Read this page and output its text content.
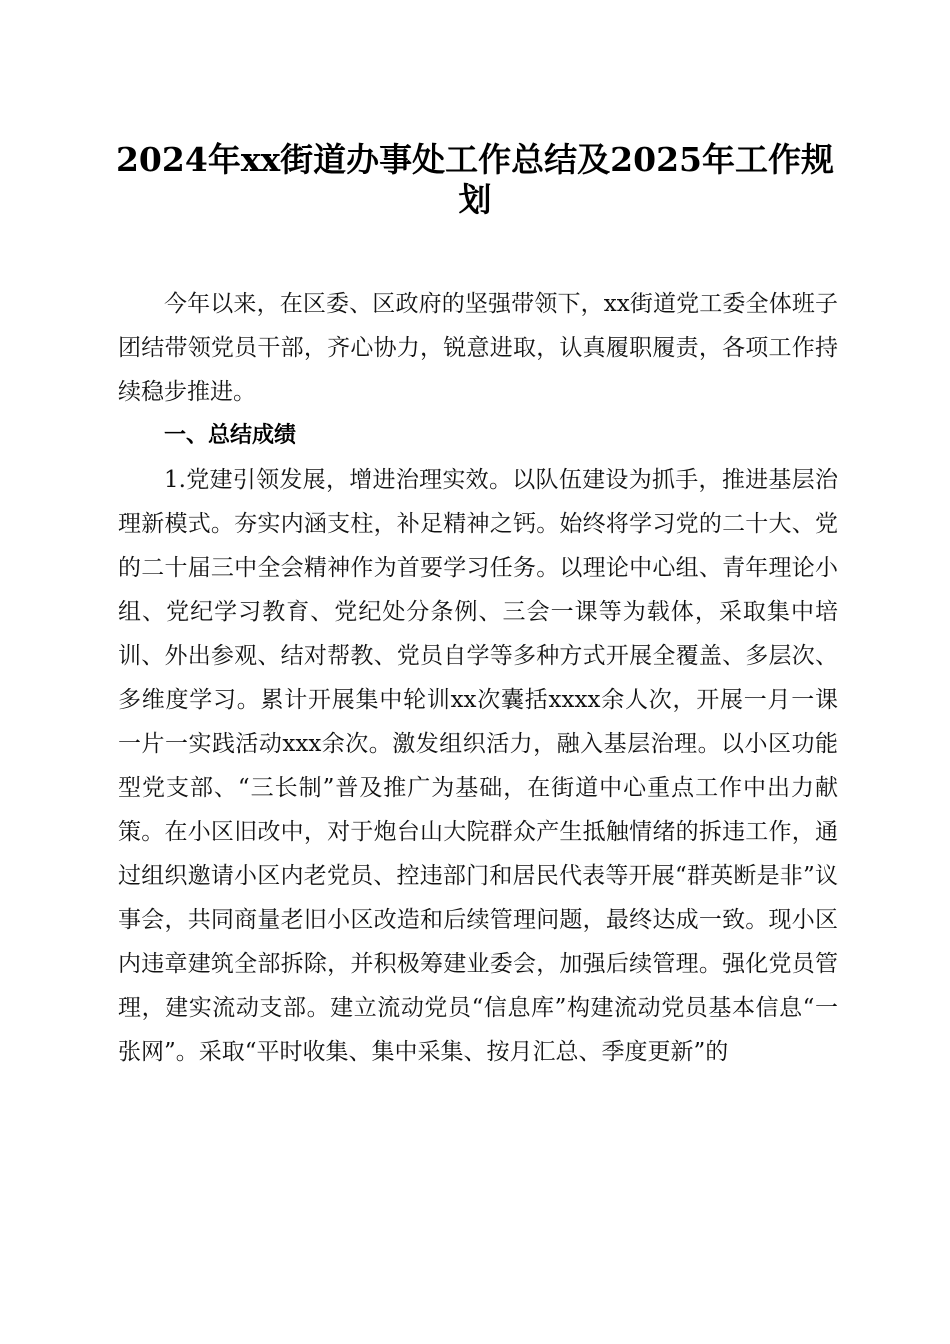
2024年xx街道办事处工作总结及2025年工作规划

今年以来，在区委、区政府的坚强带领下，xx街道党工委全体班子团结带领党员干部，齐心协力，锐意进取，认真履职履责，各项工作持续稳步推进。

一、总结成绩

1.党建引领发展，增进治理实效。以队伍建设为抓手，推进基层治理新模式。夯实内涵支柱，补足精神之钙。始终将学习党的二十大、党的二十届三中全会精神作为首要学习任务。以理论中心组、青年理论小组、党纪学习教育、党纪处分条例、三会一课等为载体，采取集中培训、外出参观、结对帮教、党员自学等多种方式开展全覆盖、多层次、多维度学习。累计开展集中轮训xx次囊括xxxx余人次，开展一月一课一片一实践活动xxx余次。激发组织活力，融入基层治理。以小区功能型党支部、“三长制”普及推广为基础，在街道中心重点工作中出力献策。在小区旧改中，对于炮台山大院群众产生抵触情绪的拆违工作，通过组织邀请小区内老党员、控违部门和居民代表等开展“群英断是非”议事会，共同商量老旧小区改造和后续管理问题，最终达成一致。现小区内违章建筑全部拆除，并积极筹建业委会，加强后续管理。强化党员管理，建实流动支部。建立流动党员“信息库”构建流动党员基本信息“一张网”。采取“平时收集、集中采集、按月汇总、季度更新”的
